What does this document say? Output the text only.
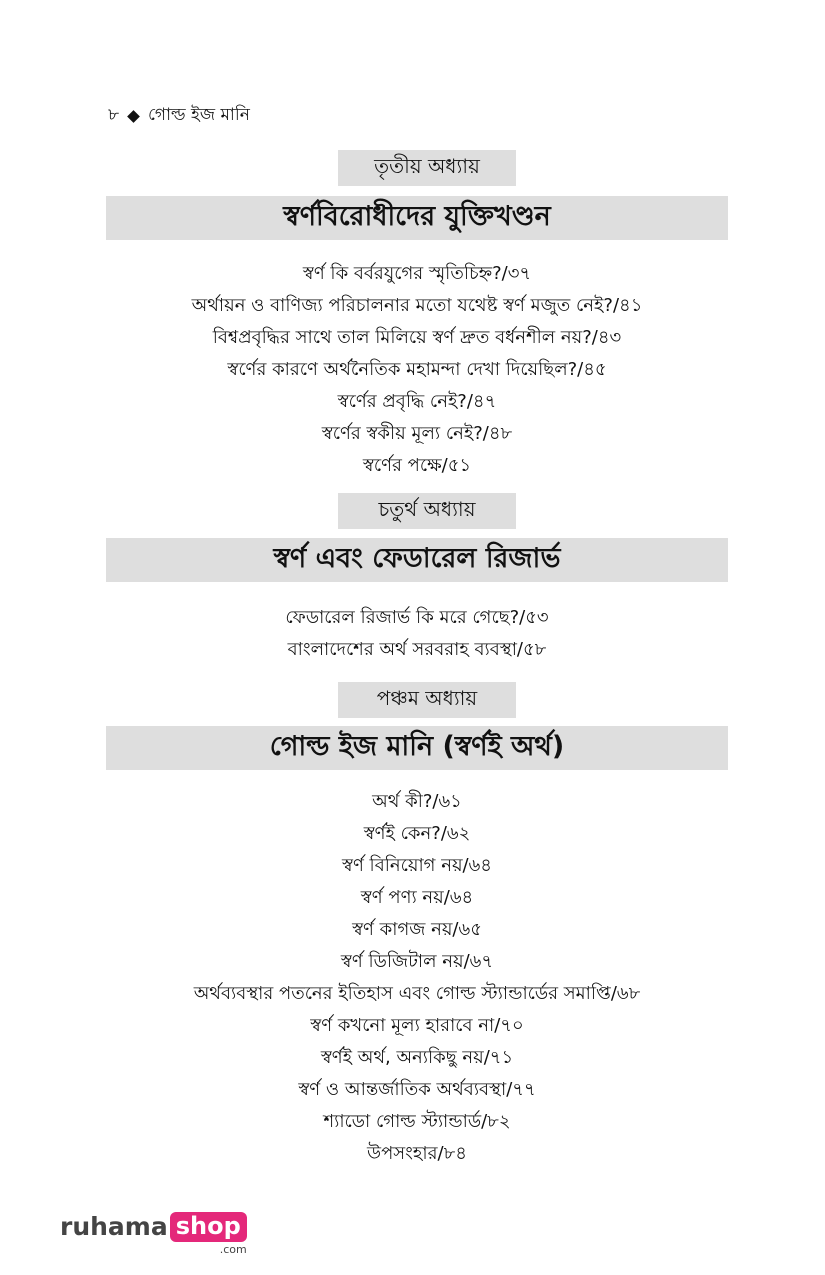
৮ গোল্ড ইজ মানি
তৃতীয় অধ্যায়
স্বর্ণবিরোধীদের যুক্তিখণ্ডন
স্বর্ণ কি বর্বরযুগের স্মৃতিচিহ্ন?/৩৭
অর্থায়ন ও বাণিজ্য পরিচালনার মতো যথেষ্ট স্বর্ণ মজুত নেই?/৪১
বিশ্বপ্রবৃদ্ধির সাথে তাল মিলিয়ে স্বর্ণ দ্রুত বর্ধনশীল নয়?/৪৩
স্বর্ণের কারণে অর্থনৈতিক মহামন্দা দেখা দিয়েছিল?/৪৫
স্বর্ণের প্রবৃদ্ধি নেই?/৪৭
স্বর্ণের স্বকীয় মূল্য নেই?/৪৮
স্বর্ণের পক্ষে/৫১
চতুর্থ অধ্যায়
স্বর্ণ এবং ফেডারেল রিজার্ভ
ফেডারেল রিজার্ভ কি মরে গেছে?/৫৩
বাংলাদেশের অর্থ সরবরাহ ব্যবস্থা/৫৮
পঞ্চম অধ্যায়
গোল্ড ইজ মানি (স্বর্ণই অর্থ)
অর্থ কী?/৬১
স্বর্ণই কেন?/৬২
স্বর্ণ বিনিয়োগ নয়/৬৪
স্বর্ণ পণ্য নয়/৬৪
স্বর্ণ কাগজ নয়/৬৫
স্বর্ণ ডিজিটাল নয়/৬৭
অর্থব্যবস্থার পতনের ইতিহাস এবং গোল্ড স্ট্যান্ডার্ডের সমাপ্তি/৬৮
স্বর্ণ কখনো মূল্য হারাবে না/৭০
স্বর্ণই অর্থ, অন্যকিছু নয়/৭১
স্বর্ণ ও আন্তর্জাতিক অর্থব্যবস্থা/৭৭
শ্যাডো গোল্ড স্ট্যান্ডার্ড/৮২
উপসংহার/৮৪
ruhama shop
.com
